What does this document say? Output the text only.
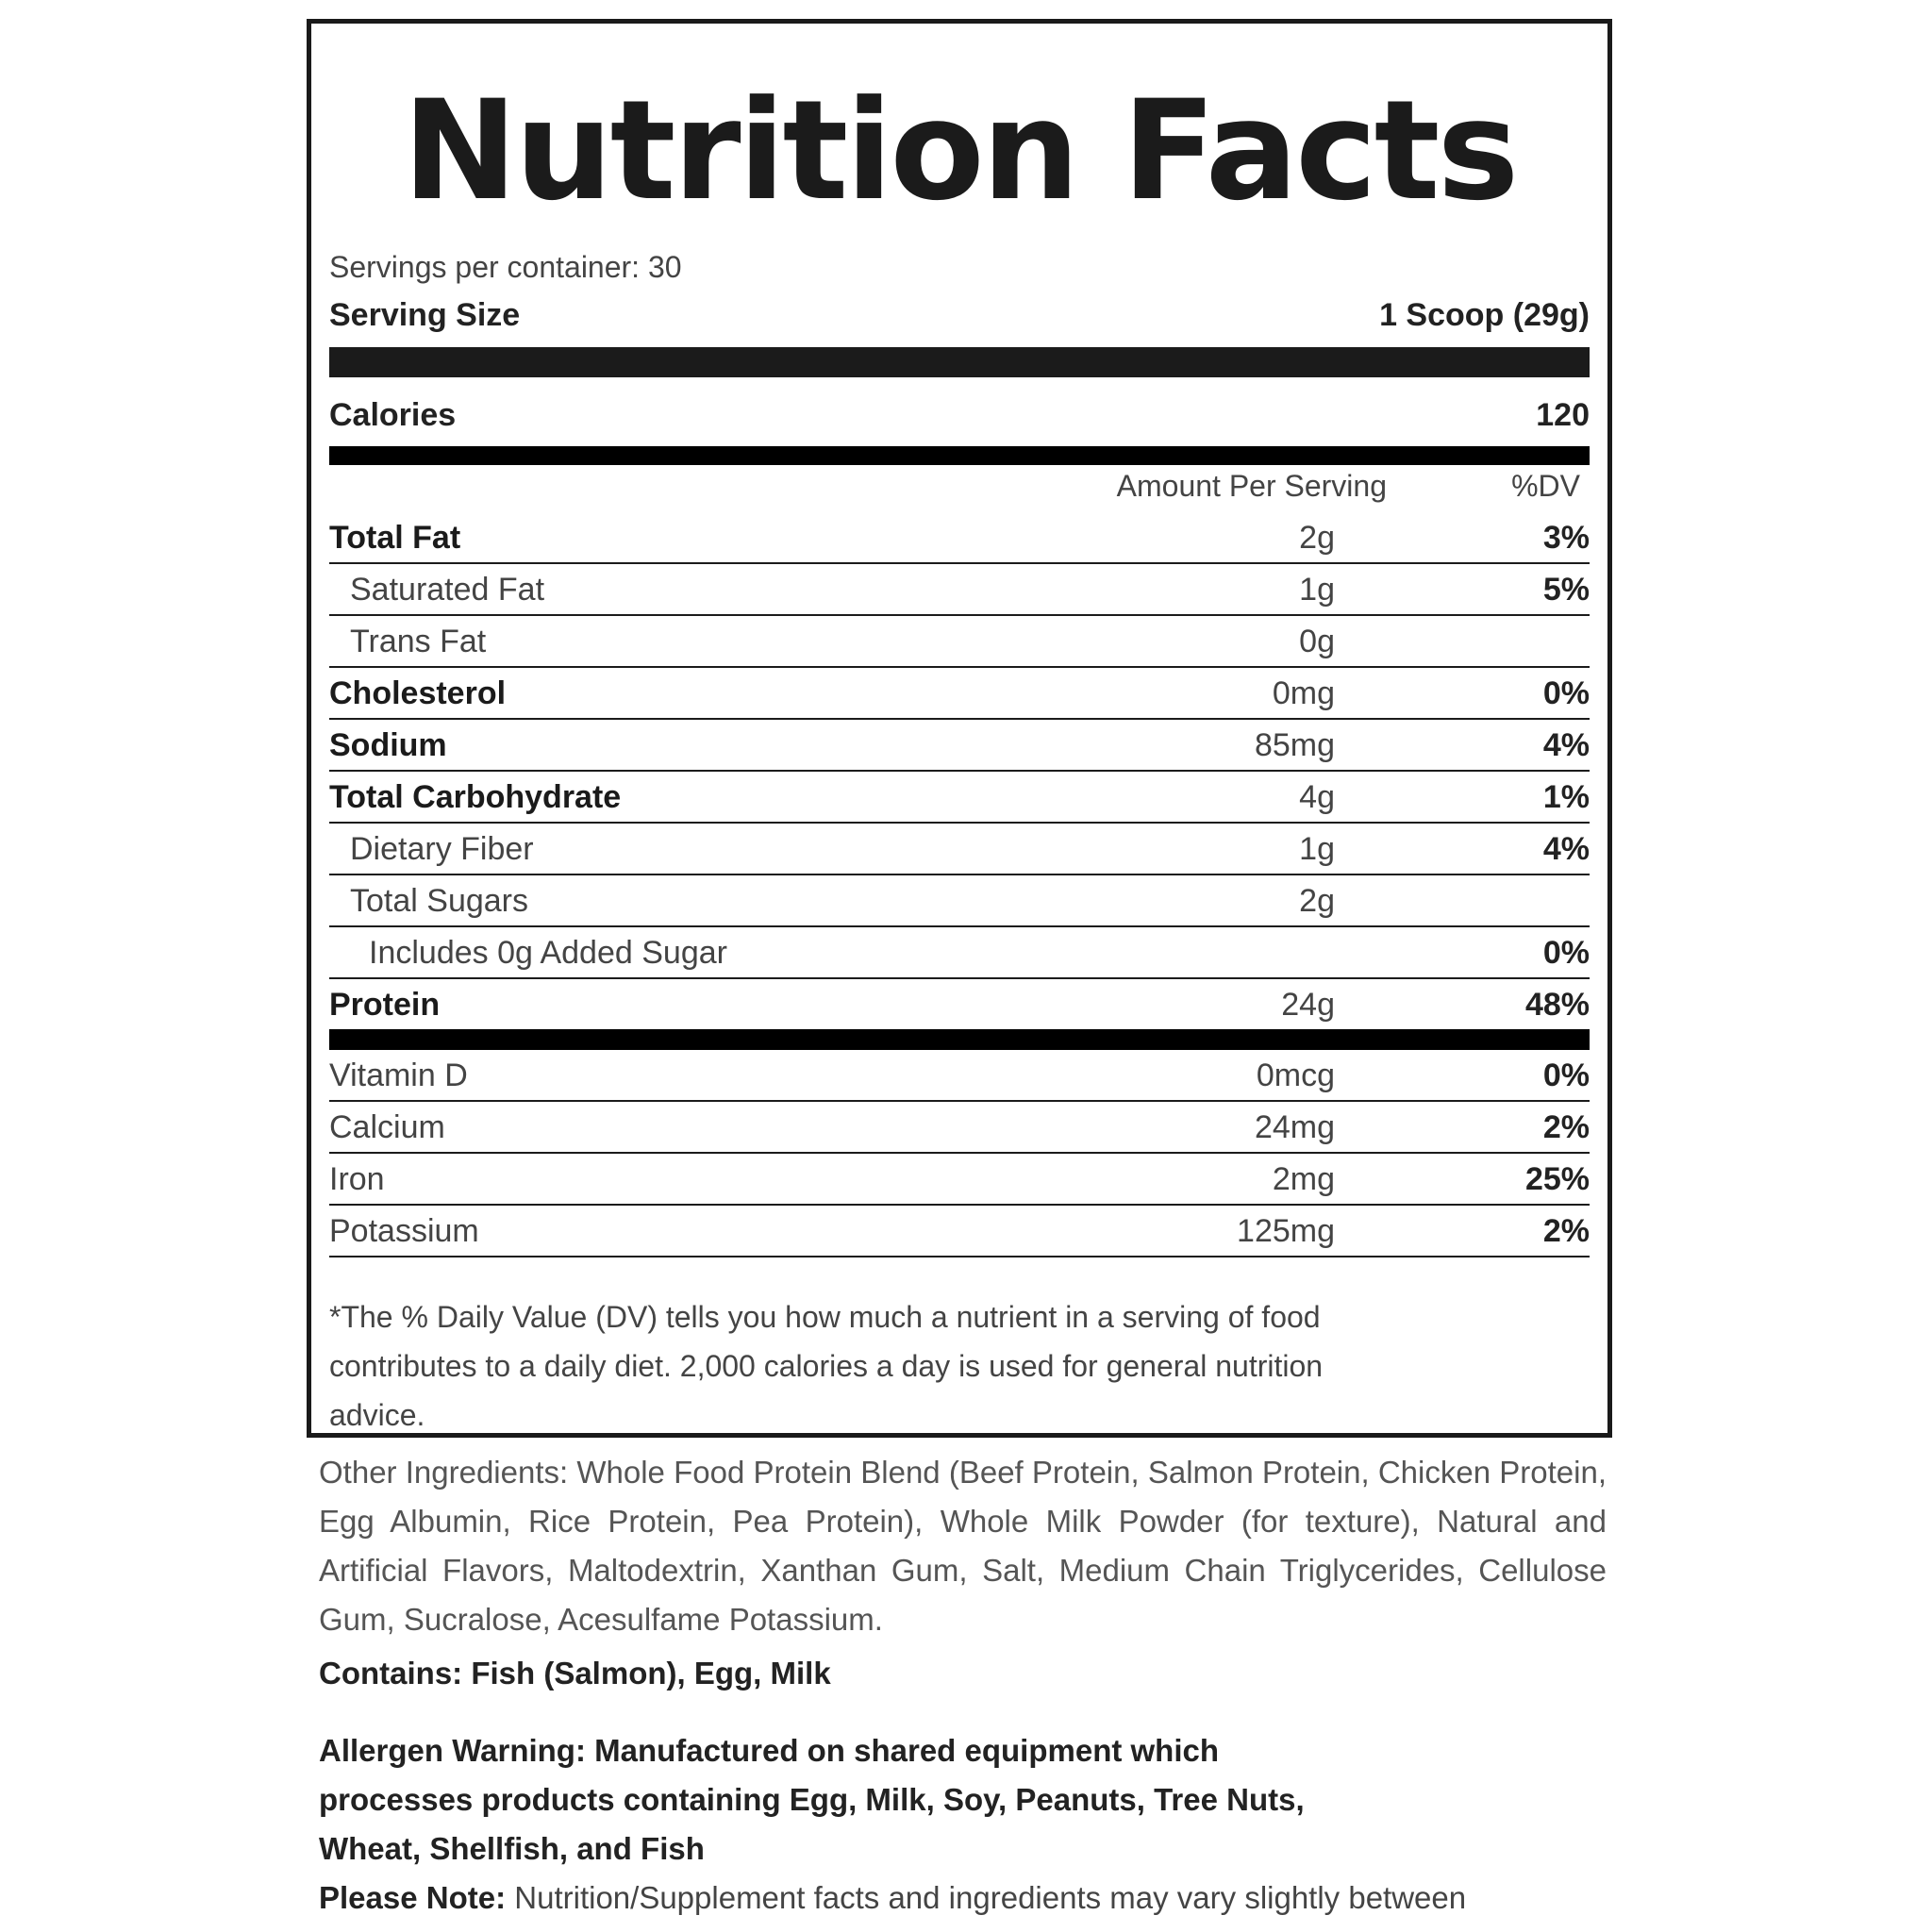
Nutrition Facts
Servings per container: 30
Serving Size	1 Scoop (29g)
Calories	120
Amount Per Serving	%DV
Total Fat	2g	3%
Saturated Fat	1g	5%
Trans Fat	0g
Cholesterol	0mg	0%
Sodium	85mg	4%
Total Carbohydrate	4g	1%
Dietary Fiber	1g	4%
Total Sugars	2g
Includes 0g Added Sugar	0%
Protein	24g	48%
Vitamin D	0mcg	0%
Calcium	24mg	2%
Iron	2mg	25%
Potassium	125mg	2%
*The % Daily Value (DV) tells you how much a nutrient in a serving of food contributes to a daily diet. 2,000 calories a day is used for general nutrition advice.
Other Ingredients: Whole Food Protein Blend (Beef Protein, Salmon Protein, Chicken Protein, Egg Albumin, Rice Protein, Pea Protein), Whole Milk Powder (for texture), Natural and Artificial Flavors, Maltodextrin, Xanthan Gum, Salt, Medium Chain Triglycerides, Cellulose Gum, Sucralose, Acesulfame Potassium.
Contains: Fish (Salmon), Egg, Milk
Allergen Warning: Manufactured on shared equipment which processes products containing Egg, Milk, Soy, Peanuts, Tree Nuts, Wheat, Shellfish, and Fish
Please Note: Nutrition/Supplement facts and ingredients may vary slightly between
